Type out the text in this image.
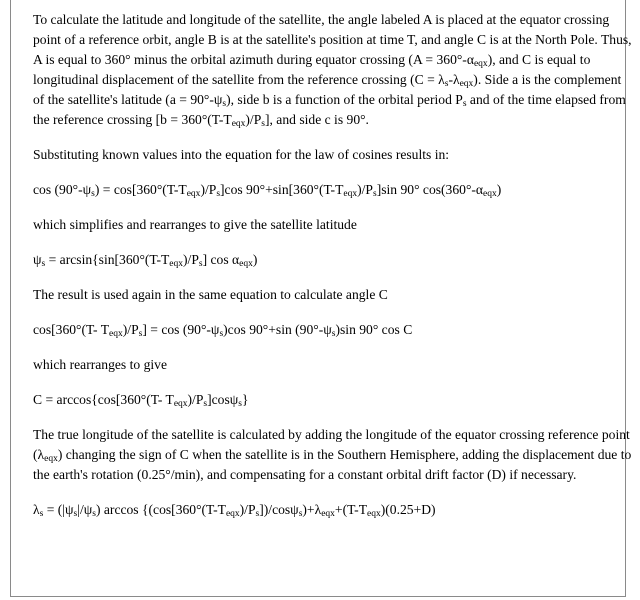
To calculate the latitude and longitude of the satellite, the angle labeled A is placed at the equator crossing point of a reference orbit, angle B is at the satellite's position at time T, and angle C is at the North Pole. Thus, A is equal to 360° minus the orbital azimuth during equator crossing $(A = 360^\circ-\alpha_{eqx})$, and C is equal to longitudinal displacement of the satellite from the reference crossing $(C = \lambda_s-\lambda_{eqx})$. Side a is the complement of the satellite's latitude $(a = 90^\circ-\psi_s)$, side b is a function of the orbital period $P_s$ and of the time elapsed from the reference crossing $[b = 360^\circ(T-T_{eqx})/P_s]$, and side c is 90°.

Substituting known values into the equation for the law of cosines results in:

$\cos (90^\circ-\psi_s) = \cos[360^\circ(T-T_{eqx})/P_s]\cos$ $90^\circ+\sin[360^\circ(T-T_{eqx})/P_s]\sin$ 90° $\cos(360^\circ-\alpha_{eqx})$

which simplifies and rearranges to give the satellite latitude

$\psi_s = \arcsin\{\sin[360^\circ(T-T_{eqx})/P_s]$ $\cos \alpha_{eqx}$)

The result is used again in the same equation to calculate angle C

cos[360°(T- $T_{eqx})/P_s] = \cos (90^\circ-\psi_s)\cos$ 90°+sin $(90^\circ-\psi_s)\sin$ 90° cos C

which rearranges to give

C = arccos{cos[360°(T- $T_{eqx})/P_s]\cos\psi_s$}

The true longitude of the satellite is calculated by adding the longitude of the equator crossing reference point $(\lambda_{eqx})$ changing the sign of C when the satellite is in the Southern Hemisphere, adding the displacement due to the earth's rotation (0.25°/min), and compensating for a constant orbital drift factor (D) if necessary.

$\lambda_s = (|\psi_s|/\psi_s)$ $\arccos \{(\cos[360^\circ(T-T_{eqx})/P_s])/\cos\psi_s)+\lambda_{eqx}+(T-T_{eqx})(0.25+D)$
